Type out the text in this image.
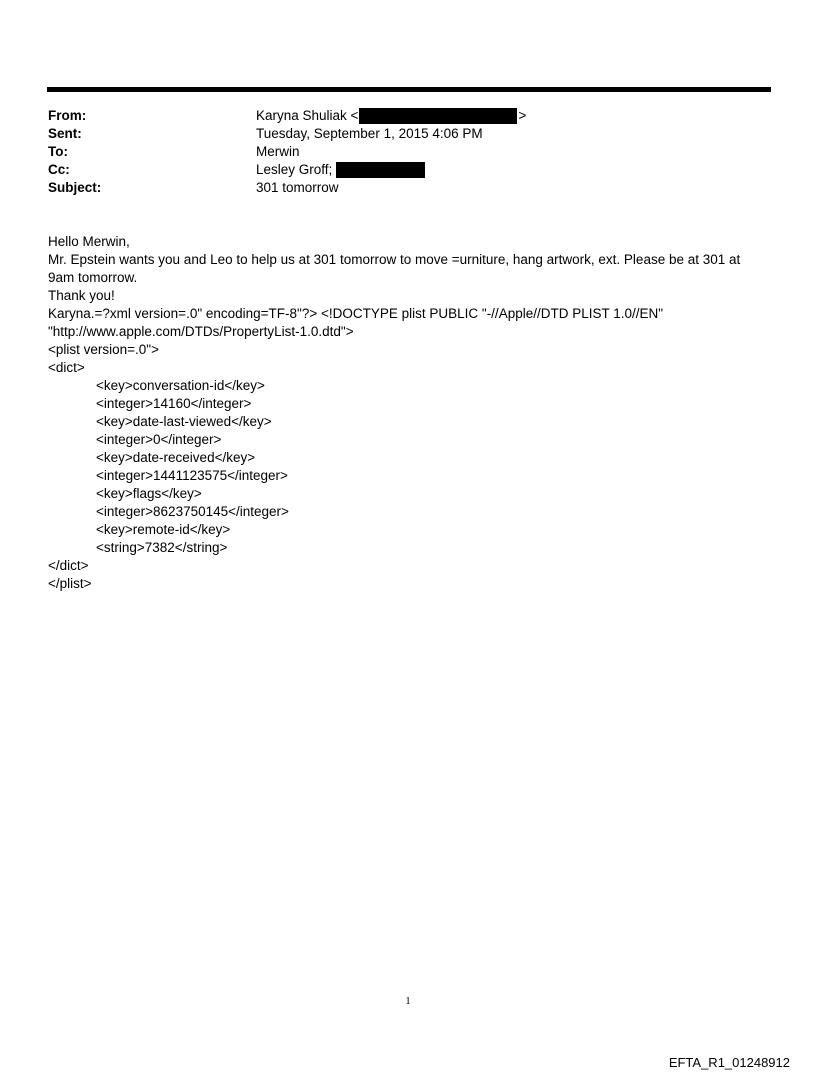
From:	Karyna Shuliak <	>
Sent:	Tuesday, September 1, 2015 4:06 PM
To:	Merwin
Cc:	Lesley Groff;
Subject:	301 tomorrow
Hello Merwin,
Mr. Epstein wants you and Leo to help us at 301 tomorrow to move =urniture, hang artwork, ext. Please be at 301 at
9am tomorrow.
Thank you!
Karyna.=?xml version=.0" encoding=TF-8"?> <!DOCTYPE plist PUBLIC "-//Apple//DTD PLIST 1.0//EN"
"http://www.apple.com/DTDs/PropertyList-1.0.dtd">
<plist version=.0">
<dict>
<key>conversation-id</key>
<integer>14160</integer>
<key>date-last-viewed</key>
<integer>0</integer>
<key>date-received</key>
<integer>1441123575</integer>
<key>flags</key>
<integer>8623750145</integer>
<key>remote-id</key>
<string>7382</string>
</dict>
</plist>
1
EFTA_R1_01248912
